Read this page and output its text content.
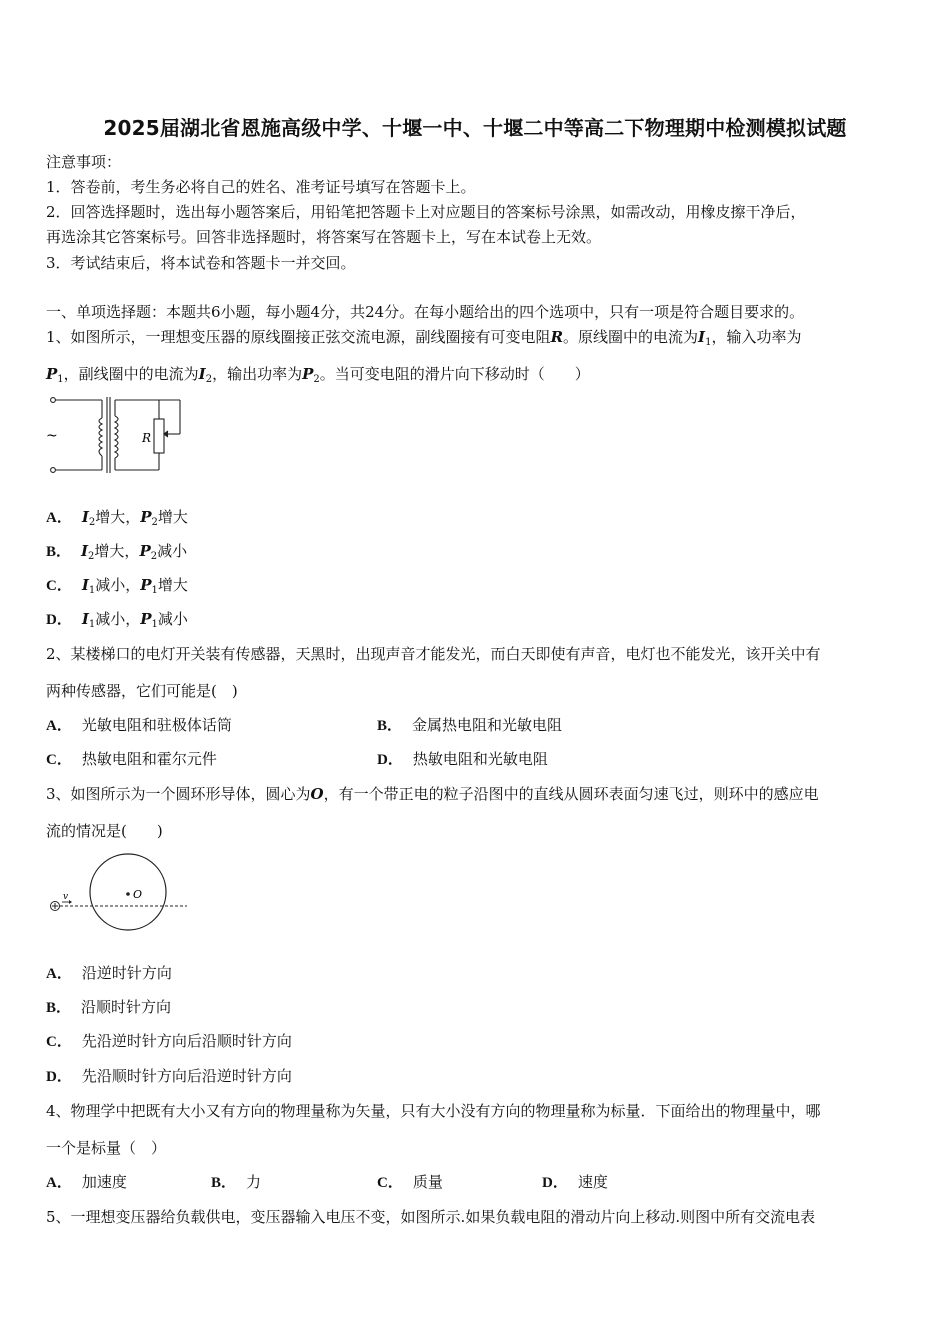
2025届湖北省恩施高级中学、十堰一中、十堰二中等高二下物理期中检测模拟试题
注意事项：
1．答卷前，考生务必将自己的姓名、准考证号填写在答题卡上。
2．回答选择题时，选出每小题答案后，用铅笔把答题卡上对应题目的答案标号涂黑，如需改动，用橡皮擦干净后，
再选涂其它答案标号。回答非选择题时，将答案写在答题卡上，写在本试卷上无效。
3．考试结束后，将本试卷和答题卡一并交回。
一、单项选择题：本题共6小题，每小题4分，共24分。在每小题给出的四个选项中，只有一项是符合题目要求的。
1、如图所示，一理想变压器的原线圈接正弦交流电源，副线圈接有可变电阻R。原线圈中的电流为$I_1$，输入功率为
$P_1$，副线圈中的电流为$I_2$，输出功率为$P_2$。当可变电阻的滑片向下移动时（　　）
~	R
A． $I_2$增大，$P_2$增大
B． $I_2$增大，$P_2$减小
C． $I_1$减小，$P_1$增大
D． $I_1$减小，$P_1$减小
2、某楼梯口的电灯开关装有传感器，天黑时，出现声音才能发光，而白天即使有声音，电灯也不能发光，该开关中有
两种传感器，它们可能是(　)
A． 光敏电阻和驻极体话筒	B． 金属热电阻和光敏电阻
C． 热敏电阻和霍尔元件	D． 热敏电阻和光敏电阻
3、如图所示为一个圆环形导体，圆心为O，有一个带正电的粒子沿图中的直线从圆环表面匀速飞过，则环中的感应电
流的情况是(　　)
v	O
A． 沿逆时针方向
B． 沿顺时针方向
C． 先沿逆时针方向后沿顺时针方向
D． 先沿顺时针方向后沿逆时针方向
4、物理学中把既有大小又有方向的物理量称为矢量，只有大小没有方向的物理量称为标量．下面给出的物理量中，哪
一个是标量（　）
A． 加速度	B． 力	C． 质量	D． 速度
5、一理想变压器给负载供电，变压器输入电压不变，如图所示.如果负载电阻的滑动片向上移动.则图中所有交流电表
